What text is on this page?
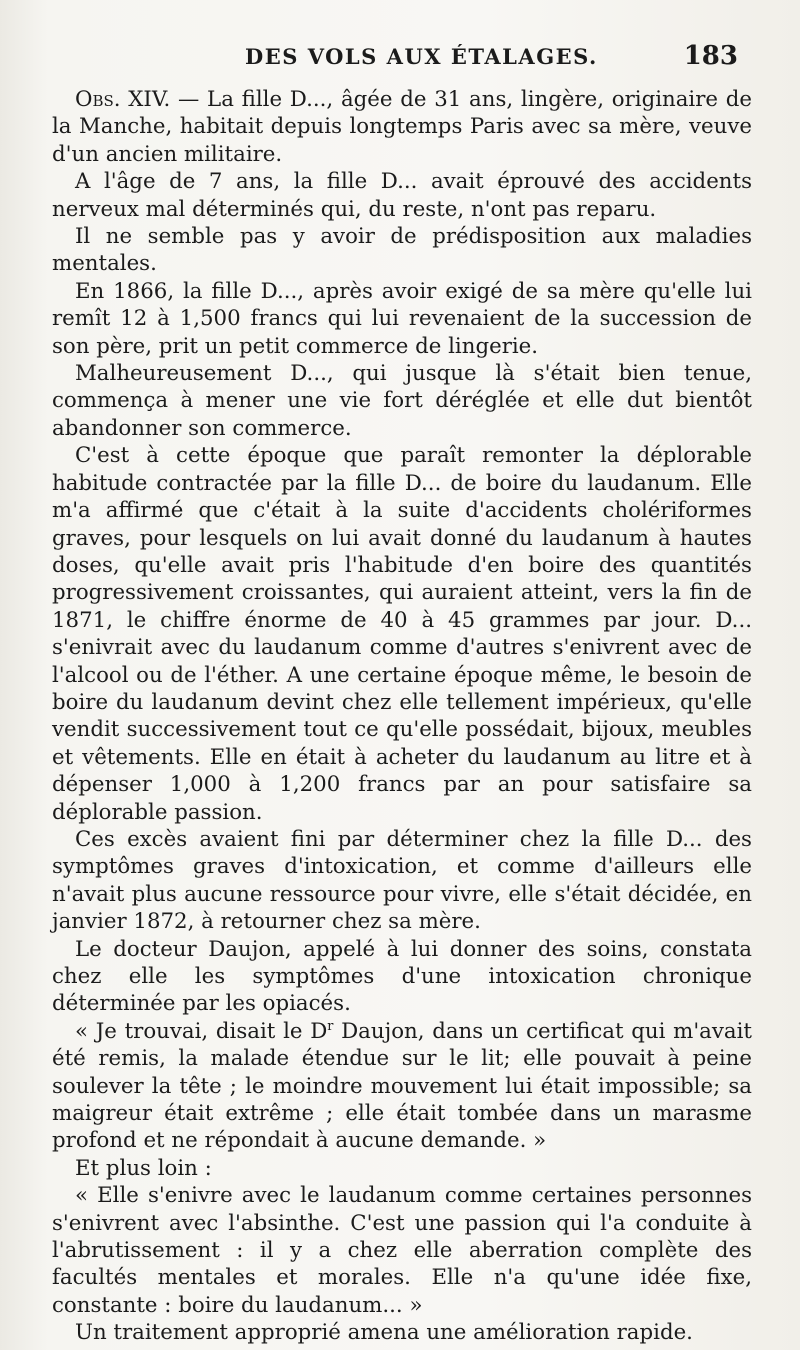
DES VOLS AUX ÉTALAGES.	183

Obs. XIV. — La fille D..., âgée de 31 ans, lingère, originaire de la Manche, habitait depuis longtemps Paris avec sa mère, veuve d'un ancien militaire.

A l'âge de 7 ans, la fille D... avait éprouvé des accidents nerveux mal déterminés qui, du reste, n'ont pas reparu.

Il ne semble pas y avoir de prédisposition aux maladies mentales.

En 1866, la fille D..., après avoir exigé de sa mère qu'elle lui remît 12 à 1,500 francs qui lui revenaient de la succession de son père, prit un petit commerce de lingerie.

Malheureusement D..., qui jusque là s'était bien tenue, commença à mener une vie fort déréglée et elle dut bientôt abandonner son commerce.

C'est à cette époque que paraît remonter la déplorable habitude contractée par la fille D... de boire du laudanum. Elle m'a affirmé que c'était à la suite d'accidents cholériformes graves, pour lesquels on lui avait donné du laudanum à hautes doses, qu'elle avait pris l'habitude d'en boire des quantités progressivement croissantes, qui auraient atteint, vers la fin de 1871, le chiffre énorme de 40 à 45 grammes par jour. D... s'enivrait avec du laudanum comme d'autres s'enivrent avec de l'alcool ou de l'éther. A une certaine époque même, le besoin de boire du laudanum devint chez elle tellement impérieux, qu'elle vendit successivement tout ce qu'elle possédait, bijoux, meubles et vêtements. Elle en était à acheter du laudanum au litre et à dépenser 1,000 à 1,200 francs par an pour satisfaire sa déplorable passion.

Ces excès avaient fini par déterminer chez la fille D... des symptômes graves d'intoxication, et comme d'ailleurs elle n'avait plus aucune ressource pour vivre, elle s'était décidée, en janvier 1872, à retourner chez sa mère.

Le docteur Daujon, appelé à lui donner des soins, constata chez elle les symptômes d'une intoxication chronique déterminée par les opiacés.

« Je trouvai, disait le $D^r$ Daujon, dans un certificat qui m'avait été remis, la malade étendue sur le lit; elle pouvait à peine soulever la tête ; le moindre mouvement lui était impossible; sa maigreur était extrême ; elle était tombée dans un marasme profond et ne répondait à aucune demande. »

Et plus loin :

« Elle s'enivre avec le laudanum comme certaines personnes s'enivrent avec l'absinthe. C'est une passion qui l'a conduite à l'abrutissement : il y a chez elle aberration complète des facultés mentales et morales. Elle n'a qu'une idée fixe, constante : boire du laudanum... »

Un traitement approprié amena une amélioration rapide.
